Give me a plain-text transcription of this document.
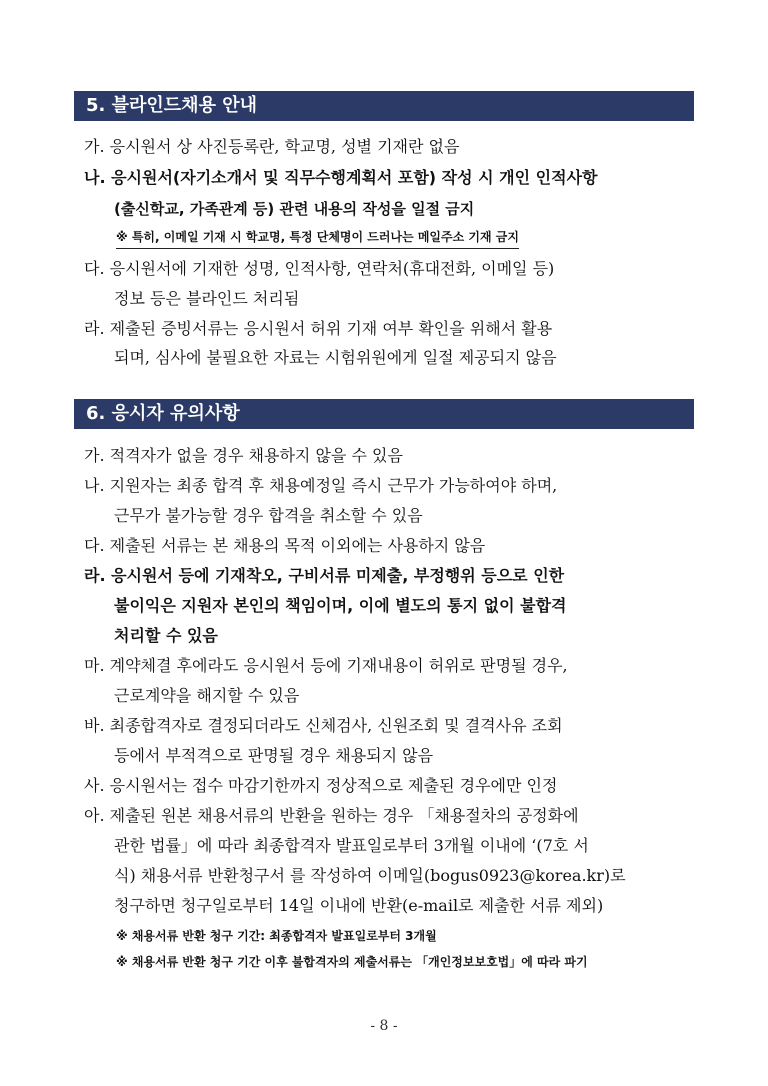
5. 블라인드채용 안내
가. 응시원서 상 사진등록란, 학교명, 성별 기재란 없음
나. 응시원서(자기소개서 및 직무수행계획서 포함) 작성 시 개인 인적사항
(출신학교, 가족관계 등) 관련 내용의 작성을 일절 금지
※ 특히, 이메일 기재 시 학교명, 특정 단체명이 드러나는 메일주소 기재 금지
다. 응시원서에 기재한 성명, 인적사항, 연락처(휴대전화, 이메일 등)
정보 등은 블라인드 처리됨
라. 제출된 증빙서류는 응시원서 허위 기재 여부 확인을 위해서 활용
되며, 심사에 불필요한 자료는 시험위원에게 일절 제공되지 않음
6. 응시자 유의사항
가. 적격자가 없을 경우 채용하지 않을 수 있음
나. 지원자는 최종 합격 후 채용예정일 즉시 근무가 가능하여야 하며,
근무가 불가능할 경우 합격을 취소할 수 있음
다. 제출된 서류는 본 채용의 목적 이외에는 사용하지 않음
라. 응시원서 등에 기재착오, 구비서류 미제출, 부정행위 등으로 인한
불이익은 지원자 본인의 책임이며, 이에 별도의 통지 없이 불합격
처리할 수 있음
마. 계약체결 후에라도 응시원서 등에 기재내용이 허위로 판명될 경우,
근로계약을 해지할 수 있음
바. 최종합격자로 결정되더라도 신체검사, 신원조회 및 결격사유 조회
등에서 부적격으로 판명될 경우 채용되지 않음
사. 응시원서는 접수 마감기한까지 정상적으로 제출된 경우에만 인정
아. 제출된 원본 채용서류의 반환을 원하는 경우 「채용절차의 공정화에
관한 법률」에 따라 최종합격자 발표일로부터 3개월 이내에 ‘(7호 서
식) 채용서류 반환청구서 를 작성하여 이메일(bogus0923@korea.kr)로
청구하면 청구일로부터 14일 이내에 반환(e-mail로 제출한 서류 제외)
※ 채용서류 반환 청구 기간: 최종합격자 발표일로부터 3개월
※ 채용서류 반환 청구 기간 이후 불합격자의 제출서류는 「개인정보보호법」에 따라 파기
- 8 -
